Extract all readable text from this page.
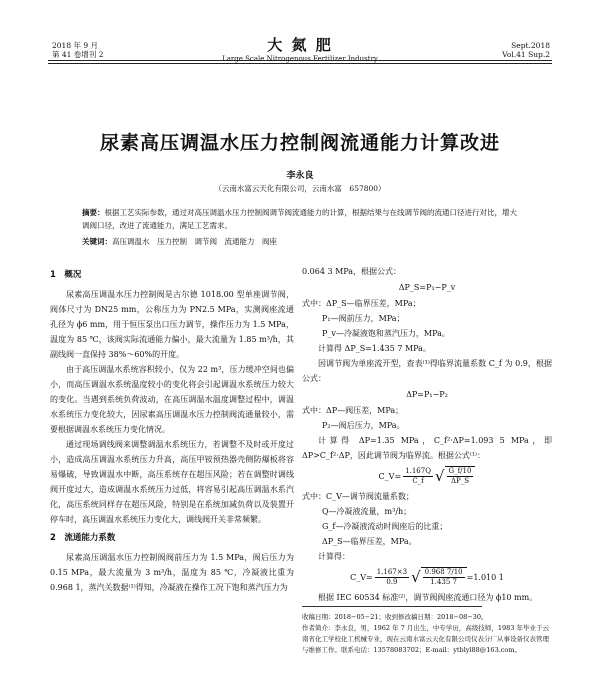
2018 年 9 月
第 41 卷增刊 2
大 氮 肥
Large Scale Nitrogenous Fertilizer Industry
Sept.2018
Vol.41 Sup.2
尿素高压调温水压力控制阀流通能力计算改进
李永良
（云南水富云天化有限公司，云南水富　657800）
摘要：根据工艺实际参数，通过对高压调温水压力控制阀调节阀流通能力的计算，根据结果与在线调节阀的流通口径进行对比，增大调阀口径，改进了流通能力，满足工艺需求。
关键词：高压调温水　压力控制　调节阀　流通能力　阀座
1　概况

尿素高压调温水压力控制阀是古尔德 1018.00 型单座调节阀，阀体尺寸为 DN25 mm，公称压力为 PN2.5 MPa，实测阀座流通孔径为 ϕ6 mm，用于恒压泵出口压力调节，操作压力为 1.5 MPa，温度为 85 ℃，该阀实际流通能力偏小，最大流量为 1.85 m³/h，其副线阀一直保持 38%～60%的开度。

由于高压调温水系统容积较小，仅为 22 m³，压力缓冲空间也偏小，而高压调温水系统温度较小的变化将会引起调温水系统压力较大的变化。当遇到系统负荷波动，在高压调温水温度调整过程中，调温水系统压力变化较大，因尿素高压调温水压力控制阀流通量较小，需要根据调温水系统压力变化情况。

通过现场调线阀来调整调温水系统压力，若调整不及时或开度过小，造成高压调温水系统压力升高，高压甲铵预热器壳侧防爆板将容易爆破，导致调温水中断，高压系统存在超压风险；若在调整时调线阀开度过大，造成调温水系统压力过低，将容易引起高压调温水系汽化，高压系统同样存在超压风险，特别是在系统加减负荷以及装置开停车时，高压调温水系统压力变化大，调线阀开关非常频繁。

2　流通能力系数

尿素高压调温水压力控制阀阀前压力为 1.5 MPa，阀后压力为 0.15 MPa，最大流量为 3 m³/h，温度为 85 ℃，冷凝液比重为 0.968 1，蒸汽关数据⁽¹⁾得知，冷凝液在操作工况下饱和蒸汽压力为

0.064 3 MPa，根据公式：

ΔP_S=P₁−P_v

式中：ΔP_S—临界压差，MPa；

P₁—阀前压力，MPa；

P_v—冷凝液饱和蒸汽压力，MPa。

计算得 ΔP_S=1.435 7 MPa。

因调节阀为单座流开型，查表⁽¹⁾得临界流量系数 C_f 为 0.9，根据公式：

ΔP=P₁−P₂

式中：ΔP—阀压差，MPa；

P₂—阀后压力，MPa。

计算得 ΔP=1.35 MPa，C_f²·ΔP=1.093 5 MPa，即 ΔP>C_f²·ΔP，因此调节阀为临界流。根据公式⁽¹⁾：

C_V= $\frac{1.167Q}{C\_f}$ √ $\frac{G\_f/10}{\Delta P\_S}$

式中：C_V—调节阀流量系数；

Q—冷凝液流量，m³/h；

G_f—冷凝液流动时阀座后的比重；

ΔP_S—临界压差，MPa。

计算得：

C_V= $\frac{1.167\times 3}{0.9}$ √ $\frac{0.968 7/10}{1.435 7} =1.010$ 1

根据 IEC 60534 标准⁽²⁾，调节阀阀座流通口径为 ϕ10 mm。

收稿日期：2018−05−21；收到修改稿日期：2018−08−30。
作者简介：李永良，男，1962 年 7 月出生，中专学历，高级技师，1983 年毕业于云南省化工学校化工机械专业，现在云南水富云天化有限公司仪表分厂从事设备仪表管理与维修工作。联系电话：13578083702；E-mail：ytblyl88@163.com。
